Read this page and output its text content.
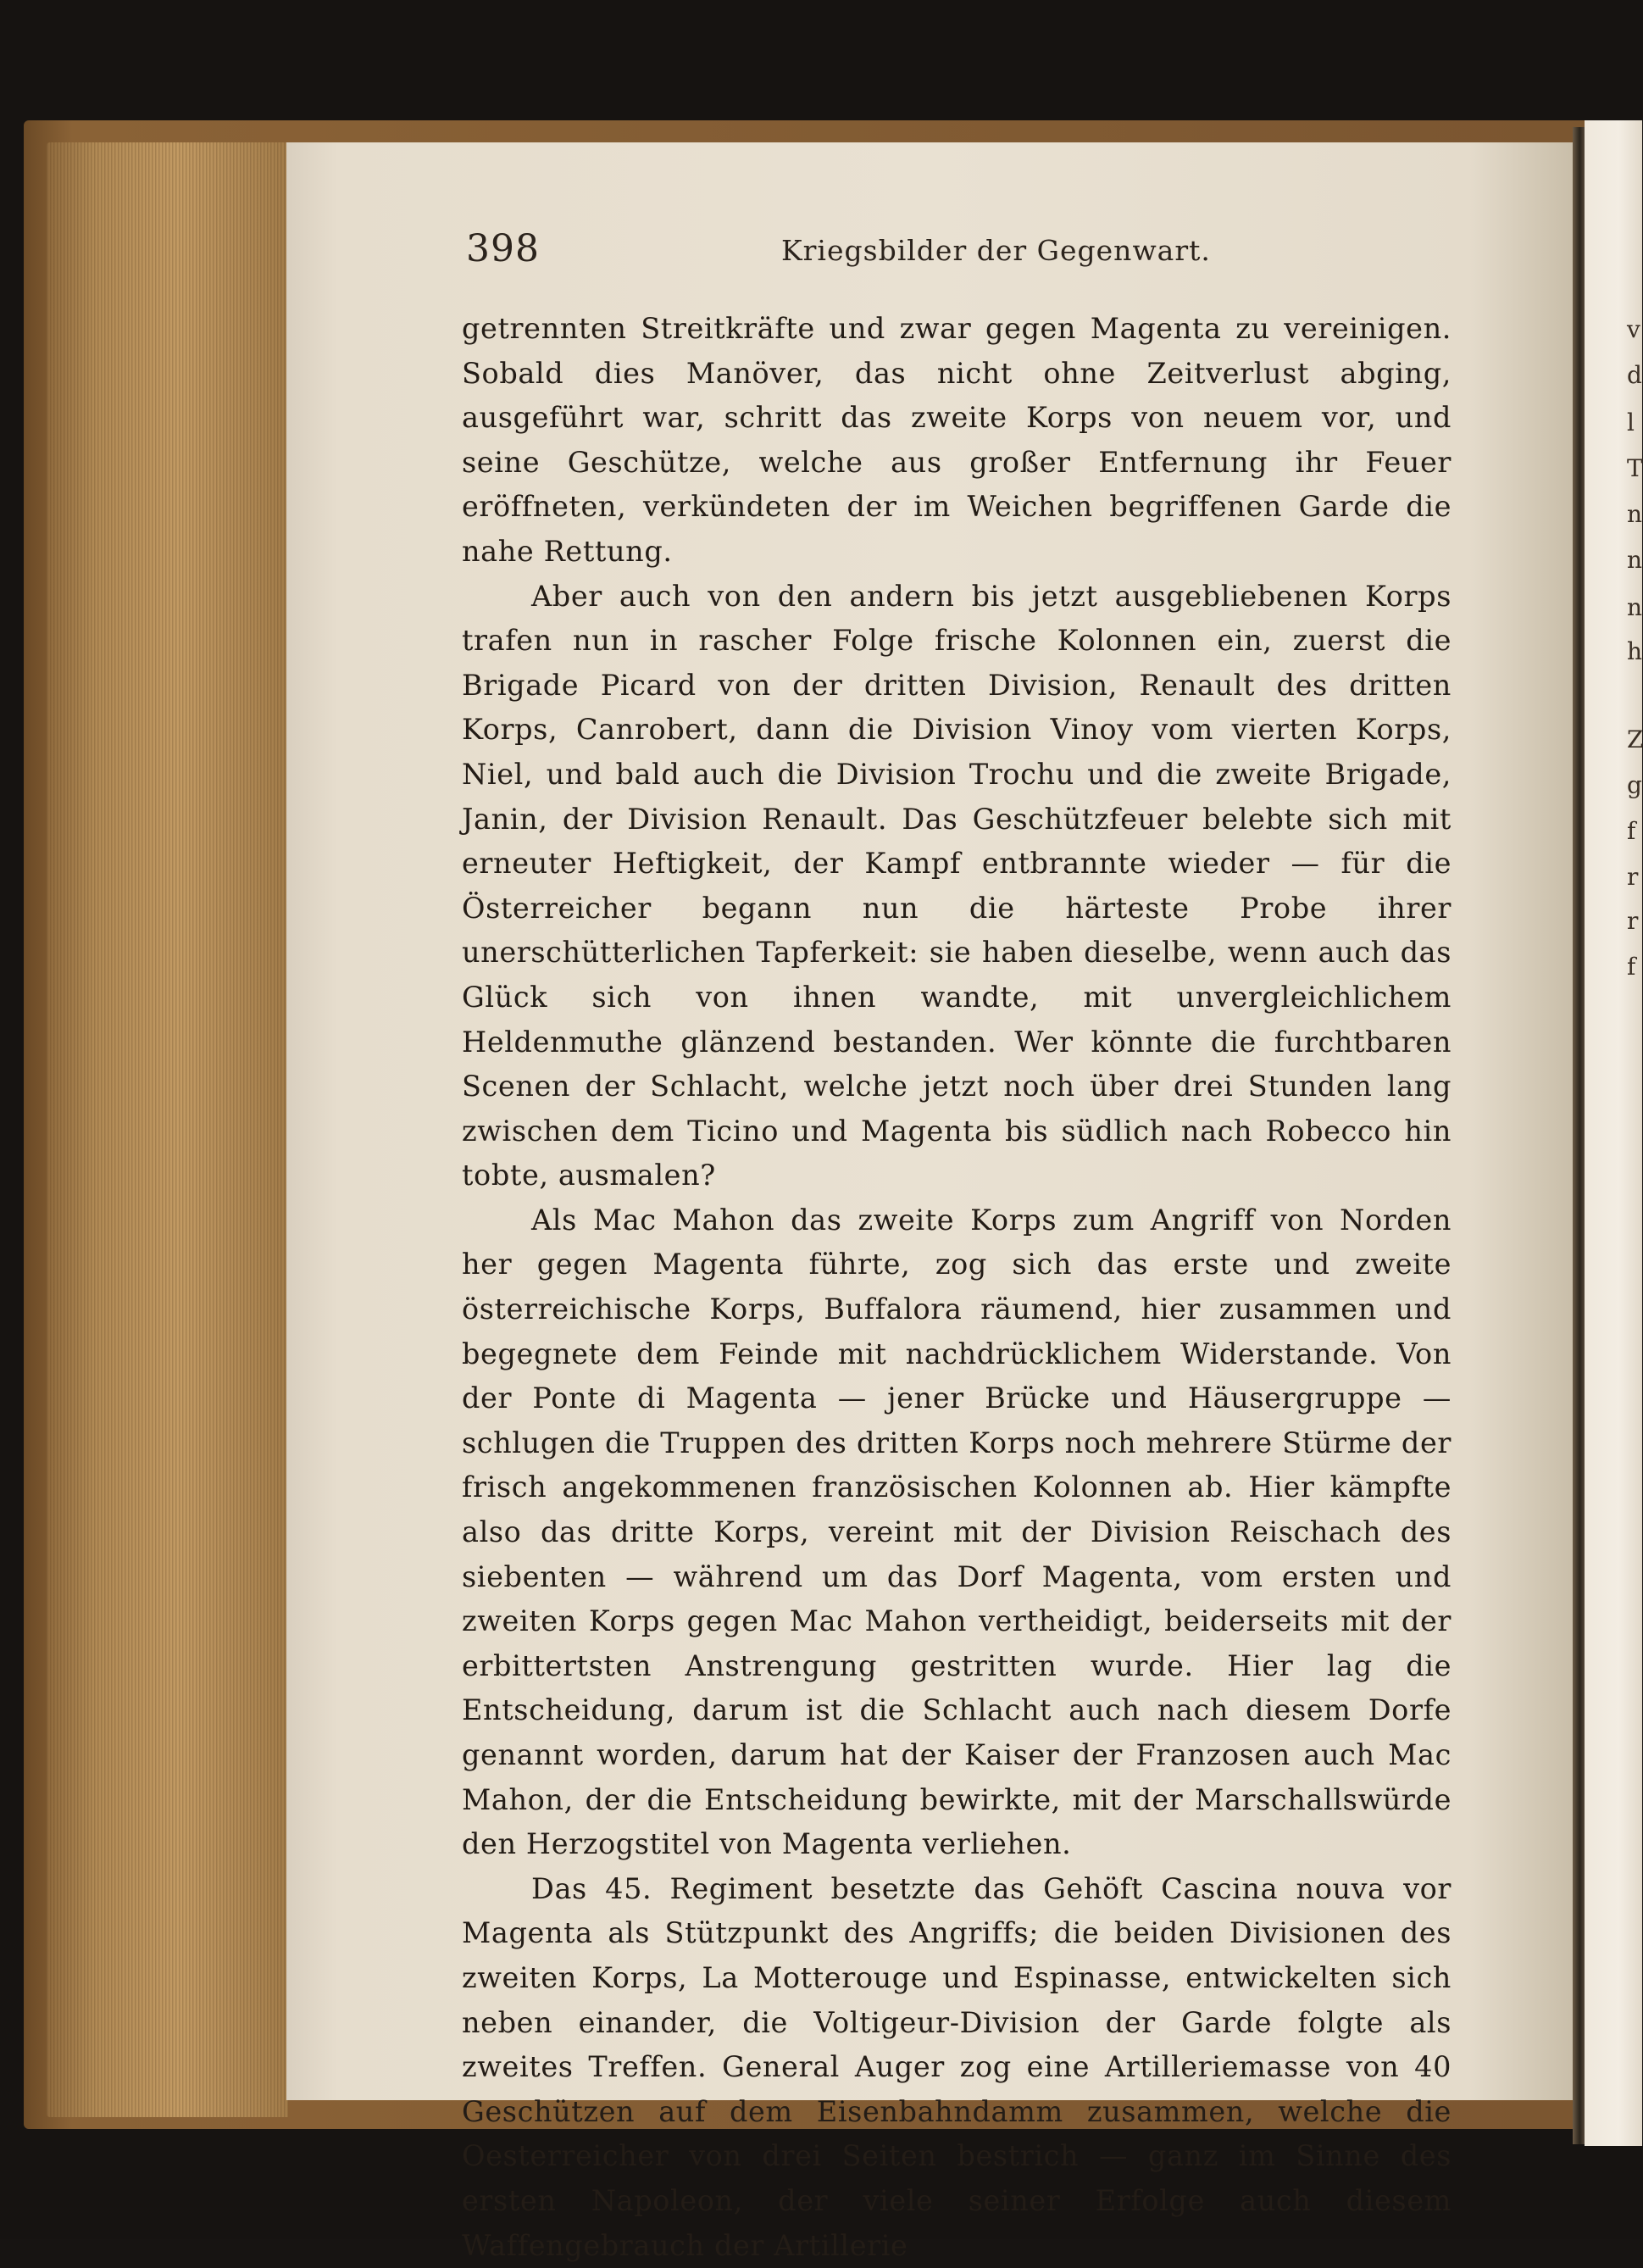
v
d
l
T
n
n
n
h
Z
g
f
r
r
f
398	Kriegsbilder der Gegenwart.

getrennten Streitkräfte und zwar gegen Magenta zu vereinigen. Sobald dies Manöver, das nicht ohne Zeitverlust abging, ausgeführt war, schritt das zweite Korps von neuem vor, und seine Geschütze, welche aus großer Entfernung ihr Feuer eröffneten, verkündeten der im Weichen begriffenen Garde die nahe Rettung.

Aber auch von den andern bis jetzt ausgebliebenen Korps trafen nun in rascher Folge frische Kolonnen ein, zuerst die Brigade Picard von der dritten Division, Renault des dritten Korps, Canrobert, dann die Division Vinoy vom vierten Korps, Niel, und bald auch die Division Trochu und die zweite Brigade, Janin, der Division Renault. Das Geschützfeuer belebte sich mit erneuter Heftigkeit, der Kampf entbrannte wieder — für die Österreicher begann nun die härteste Probe ihrer unerschütterlichen Tapferkeit: sie haben dieselbe, wenn auch das Glück sich von ihnen wandte, mit unvergleichlichem Heldenmuthe glänzend bestanden. Wer könnte die furchtbaren Scenen der Schlacht, welche jetzt noch über drei Stunden lang zwischen dem Ticino und Magenta bis südlich nach Robecco hin tobte, ausmalen?

Als Mac Mahon das zweite Korps zum Angriff von Norden her gegen Magenta führte, zog sich das erste und zweite österreichische Korps, Buffalora räumend, hier zusammen und begegnete dem Feinde mit nachdrücklichem Widerstande. Von der Ponte di Magenta — jener Brücke und Häusergruppe — schlugen die Truppen des dritten Korps noch mehrere Stürme der frisch angekommenen französischen Kolonnen ab. Hier kämpfte also das dritte Korps, vereint mit der Division Reischach des siebenten — während um das Dorf Magenta, vom ersten und zweiten Korps gegen Mac Mahon vertheidigt, beiderseits mit der erbittertsten Anstrengung gestritten wurde. Hier lag die Entscheidung, darum ist die Schlacht auch nach diesem Dorfe genannt worden, darum hat der Kaiser der Franzosen auch Mac Mahon, der die Entscheidung bewirkte, mit der Marschallswürde den Herzogstitel von Magenta verliehen.

Das 45. Regiment besetzte das Gehöft Cascina nouva vor Magenta als Stützpunkt des Angriffs; die beiden Divisionen des zweiten Korps, La Motterouge und Espinasse, entwickelten sich neben einander, die Voltigeur-Division der Garde folgte als zweites Treffen. General Auger zog eine Artilleriemasse von 40 Geschützen auf dem Eisenbahndamm zusammen, welche die Oesterreicher von drei Seiten bestrich — ganz im Sinne des ersten Napoleon, der viele seiner Erfolge auch diesem Waffengebrauch der Artillerie
